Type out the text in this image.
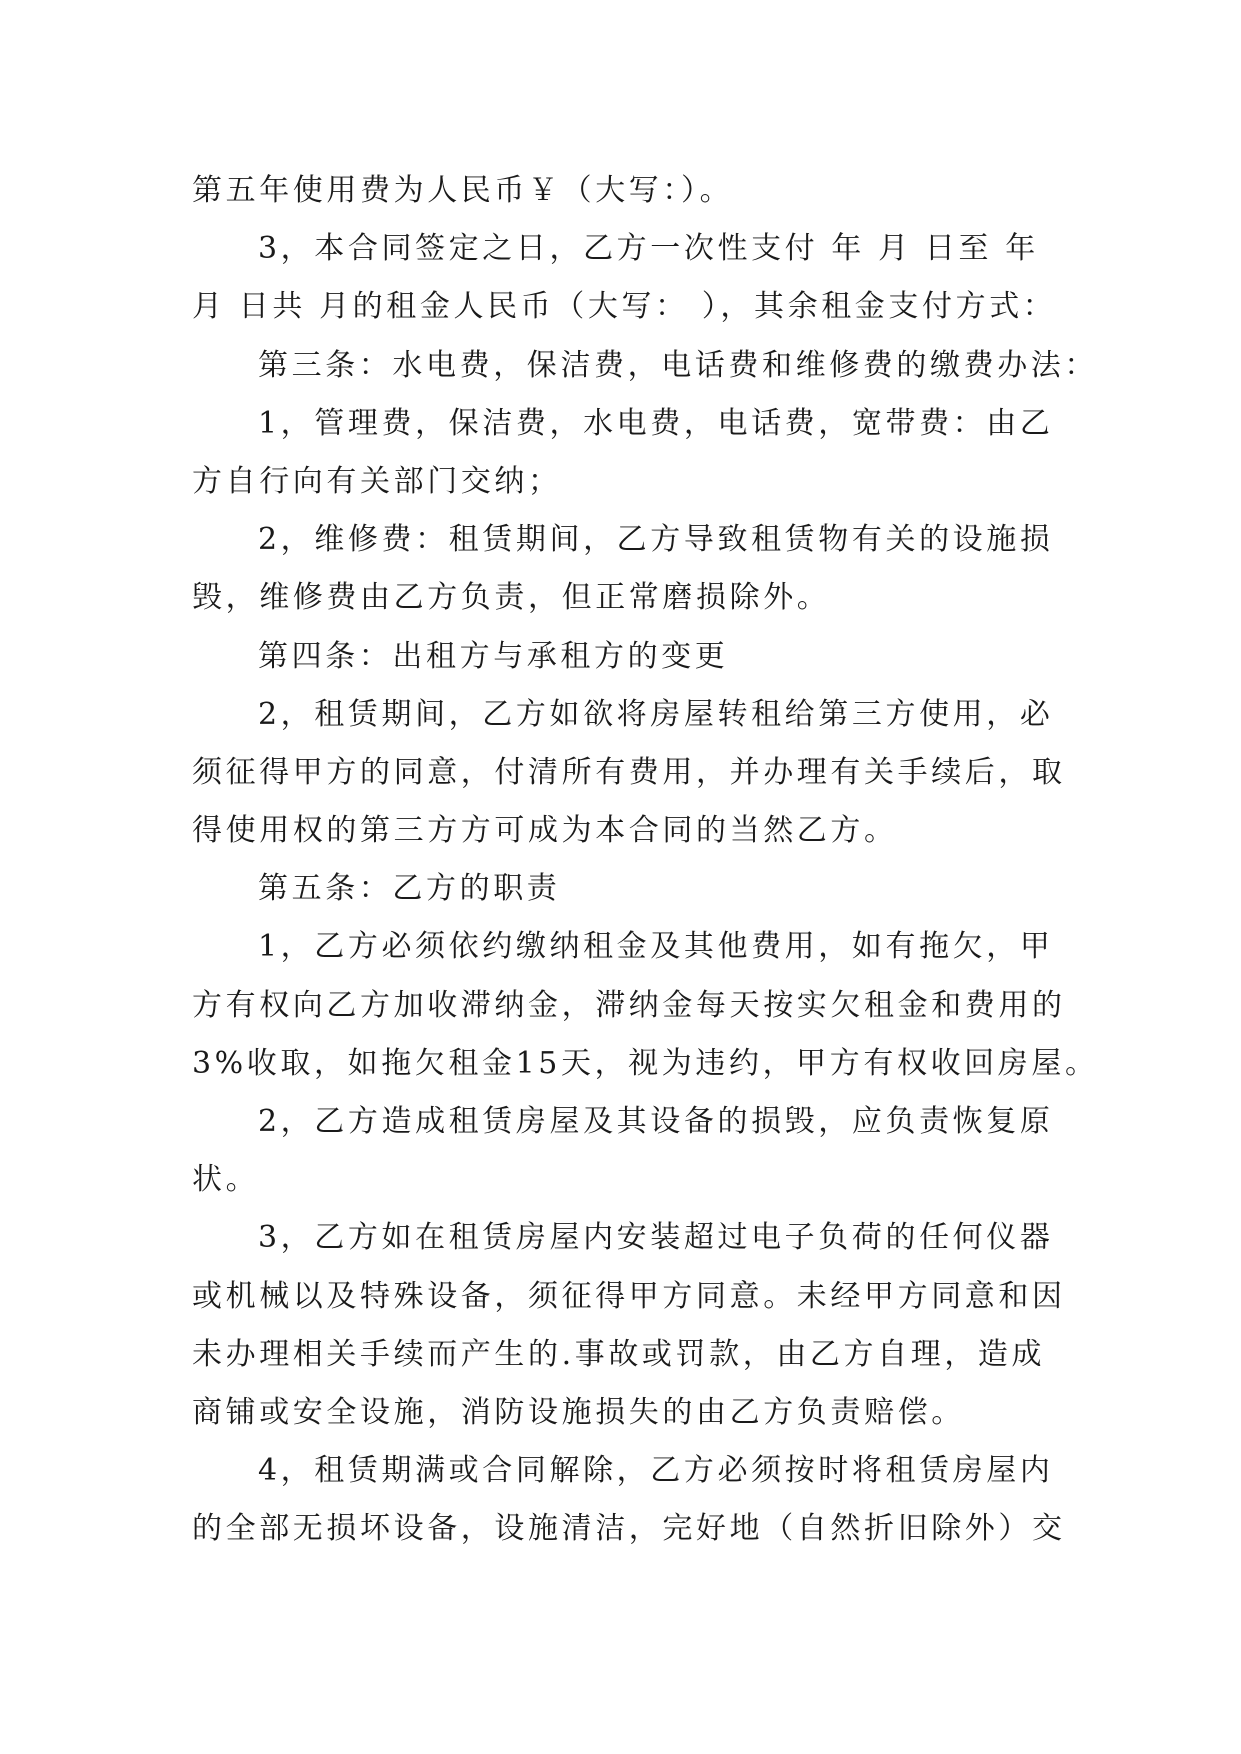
第五年使用费为人民币￥（大写：）。
3，本合同签定之日，乙方一次性支付 年 月 日至 年
月 日共 月的租金人民币（大写： ），其余租金支付方式：
第三条：水电费，保洁费，电话费和维修费的缴费办法：
1，管理费，保洁费，水电费，电话费，宽带费：由乙
方自行向有关部门交纳；
2，维修费：租赁期间，乙方导致租赁物有关的设施损
毁，维修费由乙方负责，但正常磨损除外。
第四条：出租方与承租方的变更
2，租赁期间，乙方如欲将房屋转租给第三方使用，必
须征得甲方的同意，付清所有费用，并办理有关手续后，取
得使用权的第三方方可成为本合同的当然乙方。
第五条：乙方的职责
1，乙方必须依约缴纳租金及其他费用，如有拖欠，甲
方有权向乙方加收滞纳金，滞纳金每天按实欠租金和费用的
3%收取，如拖欠租金15天，视为违约，甲方有权收回房屋。
2，乙方造成租赁房屋及其设备的损毁，应负责恢复原
状。
3，乙方如在租赁房屋内安装超过电子负荷的任何仪器
或机械以及特殊设备，须征得甲方同意。未经甲方同意和因
未办理相关手续而产生的.事故或罚款，由乙方自理，造成
商铺或安全设施，消防设施损失的由乙方负责赔偿。
4，租赁期满或合同解除，乙方必须按时将租赁房屋内
的全部无损坏设备，设施清洁，完好地（自然折旧除外）交
